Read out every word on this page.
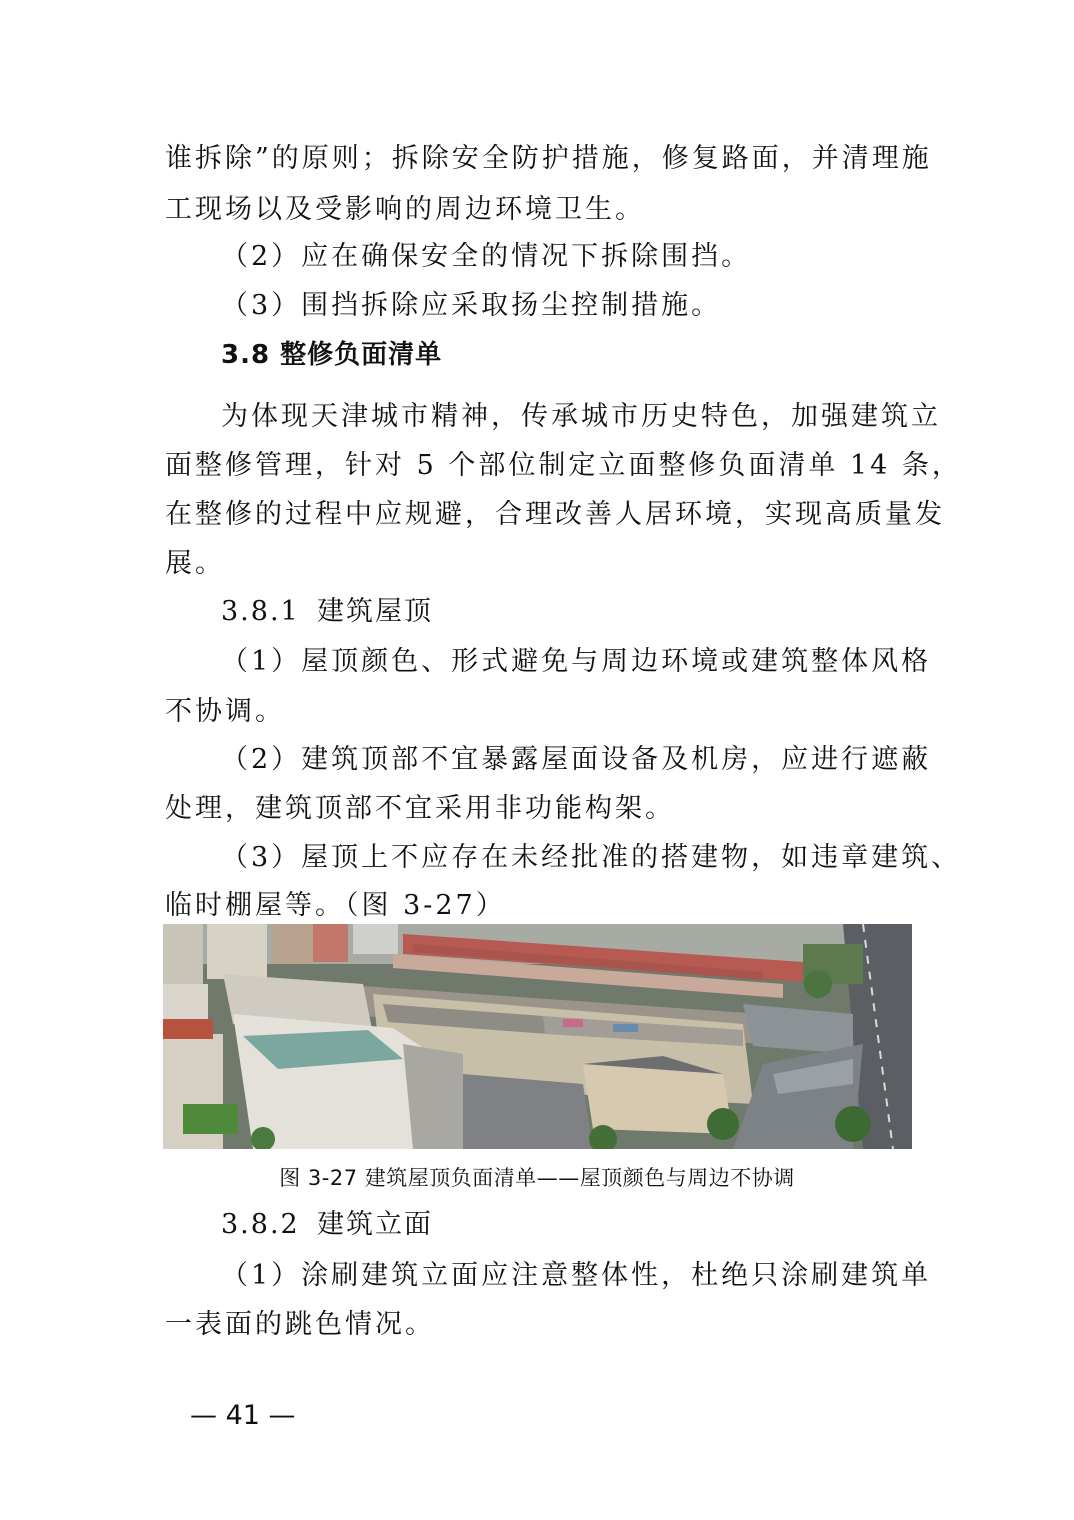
谁拆除”的原则；拆除安全防护措施，修复路面，并清理施

工现场以及受影响的周边环境卫生。

（2）应在确保安全的情况下拆除围挡。

（3）围挡拆除应采取扬尘控制措施。

3.8 整修负面清单

为体现天津城市精神，传承城市历史特色，加强建筑立

面整修管理，针对 5 个部位制定立面整修负面清单 14 条，

在整修的过程中应规避，合理改善人居环境，实现高质量发

展。

3.8.1 建筑屋顶

（1）屋顶颜色、形式避免与周边环境或建筑整体风格

不协调。

（2）建筑顶部不宜暴露屋面设备及机房，应进行遮蔽

处理，建筑顶部不宜采用非功能构架。

（3）屋顶上不应存在未经批准的搭建物，如违章建筑、

临时棚屋等。（图 3-27）

图 3-27 建筑屋顶负面清单——屋顶颜色与周边不协调

3.8.2 建筑立面

（1）涂刷建筑立面应注意整体性，杜绝只涂刷建筑单

一表面的跳色情况。

— 41 —
